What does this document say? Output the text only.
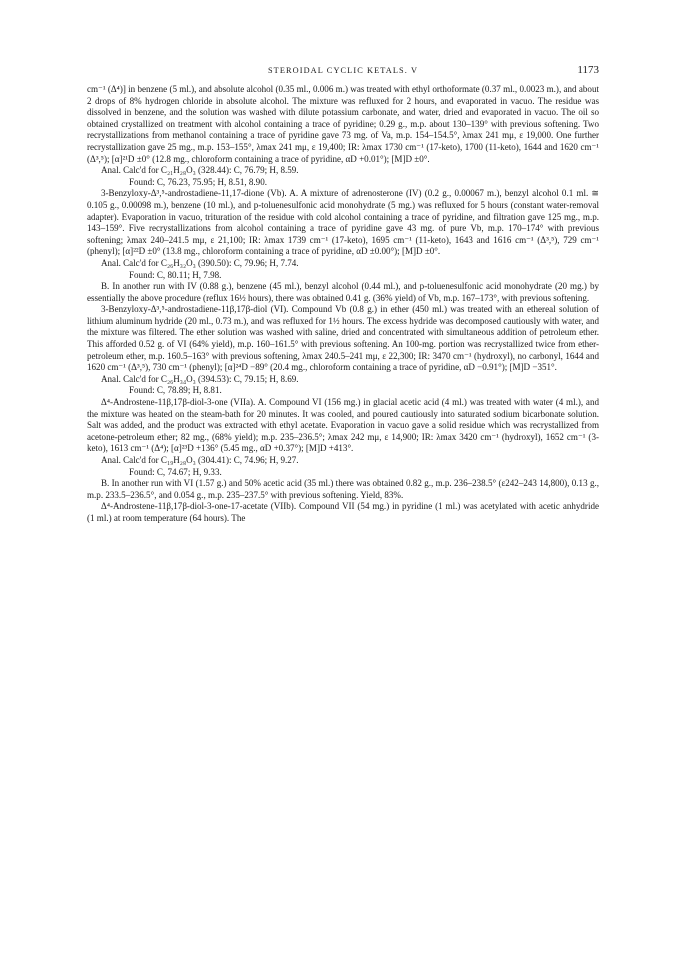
STEROIDAL CYCLIC KETALS. V	1173

cm⁻¹ (Δ⁴)] in benzene (5 ml.), and absolute alcohol (0.35 ml., 0.006 m.) was treated with ethyl orthoformate (0.37 ml., 0.0023 m.), and about 2 drops of 8% hydrogen chloride in absolute alcohol. The mixture was refluxed for 2 hours, and evaporated in vacuo. The residue was dissolved in benzene, and the solution was washed with dilute potassium carbonate, and water, dried and evaporated in vacuo. The oil so obtained crystallized on treatment with alcohol containing a trace of pyridine; 0.29 g., m.p. about 130–139° with previous softening. Two recrystallizations from methanol containing a trace of pyridine gave 73 mg. of Va, m.p. 154–154.5°, λmax 241 mμ, ε 19,000. One further recrystallization gave 25 mg., m.p. 153–155°, λmax 241 mμ, ε 19,400; IR: λmax 1730 cm⁻¹ (17-keto), 1700 (11-keto), 1644 and 1620 cm⁻¹ (Δ³,⁵); [α]²¹D ±0° (12.8 mg., chloroform containing a trace of pyridine, αD +0.01°); [M]D ±0°.

Anal. Calc'd for C₂₁H₂₈O₃ (328.44): C, 76.79; H, 8.59.

Found: C, 76.23, 75.95; H, 8.51, 8.90.

3-Benzyloxy-Δ³,⁵-androstadiene-11,17-dione (Vb). A. A mixture of adrenosterone (IV) (0.2 g., 0.00067 m.), benzyl alcohol 0.1 ml. ≅ 0.105 g., 0.00098 m.), benzene (10 ml.), and p-toluenesulfonic acid monohydrate (5 mg.) was refluxed for 5 hours (constant water-removal adapter). Evaporation in vacuo, trituration of the residue with cold alcohol containing a trace of pyridine, and filtration gave 125 mg., m.p. 143–159°. Five recrystallizations from alcohol containing a trace of pyridine gave 43 mg. of pure Vb, m.p. 170–174° with previous softening; λmax 240–241.5 mμ, ε 21,100; IR: λmax 1739 cm⁻¹ (17-keto), 1695 cm⁻¹ (11-keto), 1643 and 1616 cm⁻¹ (Δ³,⁵), 729 cm⁻¹ (phenyl); [α]²²D ±0° (13.8 mg., chloroform containing a trace of pyridine, αD ±0.00°); [M]D ±0°.

Anal. Calc'd for C₂₆H₃₂O₃ (390.50): C, 79.96; H, 7.74.

Found: C, 80.11; H, 7.98.

B. In another run with IV (0.88 g.), benzene (45 ml.), benzyl alcohol (0.44 ml.), and p-toluenesulfonic acid monohydrate (20 mg.) by essentially the above procedure (reflux 16½ hours), there was obtained 0.41 g. (36% yield) of Vb, m.p. 167–173°, with previous softening.

3-Benzyloxy-Δ³,⁵-androstadiene-11β,17β-diol (VI). Compound Vb (0.8 g.) in ether (450 ml.) was treated with an ethereal solution of lithium aluminum hydride (20 ml., 0.73 m.), and was refluxed for 1½ hours. The excess hydride was decomposed cautiously with water, and the mixture was filtered. The ether solution was washed with saline, dried and concentrated with simultaneous addition of petroleum ether. This afforded 0.52 g. of VI (64% yield), m.p. 160–161.5° with previous softening. An 100-mg. portion was recrystallized twice from ether-petroleum ether, m.p. 160.5–163° with previous softening, λmax 240.5–241 mμ, ε 22,300; IR: 3470 cm⁻¹ (hydroxyl), no carbonyl, 1644 and 1620 cm⁻¹ (Δ³,⁵), 730 cm⁻¹ (phenyl); [α]²⁴D −89° (20.4 mg., chloroform containing a trace of pyridine, αD −0.91°); [M]D −351°.

Anal. Calc'd for C₂₆H₃₄O₃ (394.53): C, 79.15; H, 8.69.

Found: C, 78.89; H, 8.81.

Δ⁴-Androstene-11β,17β-diol-3-one (VIIa). A. Compound VI (156 mg.) in glacial acetic acid (4 ml.) was treated with water (4 ml.), and the mixture was heated on the steam-bath for 20 minutes. It was cooled, and poured cautiously into saturated sodium bicarbonate solution. Salt was added, and the product was extracted with ethyl acetate. Evaporation in vacuo gave a solid residue which was recrystallized from acetone-petroleum ether; 82 mg., (68% yield); m.p. 235–236.5°; λmax 242 mμ, ε 14,900; IR: λmax 3420 cm⁻¹ (hydroxyl), 1652 cm⁻¹ (3-keto), 1613 cm⁻¹ (Δ⁴); [α]²³D +136° (5.45 mg., αD +0.37°); [M]D +413°.

Anal. Calc'd for C₁₉H₂₈O₃ (304.41): C, 74.96; H, 9.27.

Found: C, 74.67; H, 9.33.

B. In another run with VI (1.57 g.) and 50% acetic acid (35 ml.) there was obtained 0.82 g., m.p. 236–238.5° (ε242–243 14,800), 0.13 g., m.p. 233.5–236.5°, and 0.054 g., m.p. 235–237.5° with previous softening. Yield, 83%.

Δ⁴-Androstene-11β,17β-diol-3-one-17-acetate (VIIb). Compound VII (54 mg.) in pyridine (1 ml.) was acetylated with acetic anhydride (1 ml.) at room temperature (64 hours). The
